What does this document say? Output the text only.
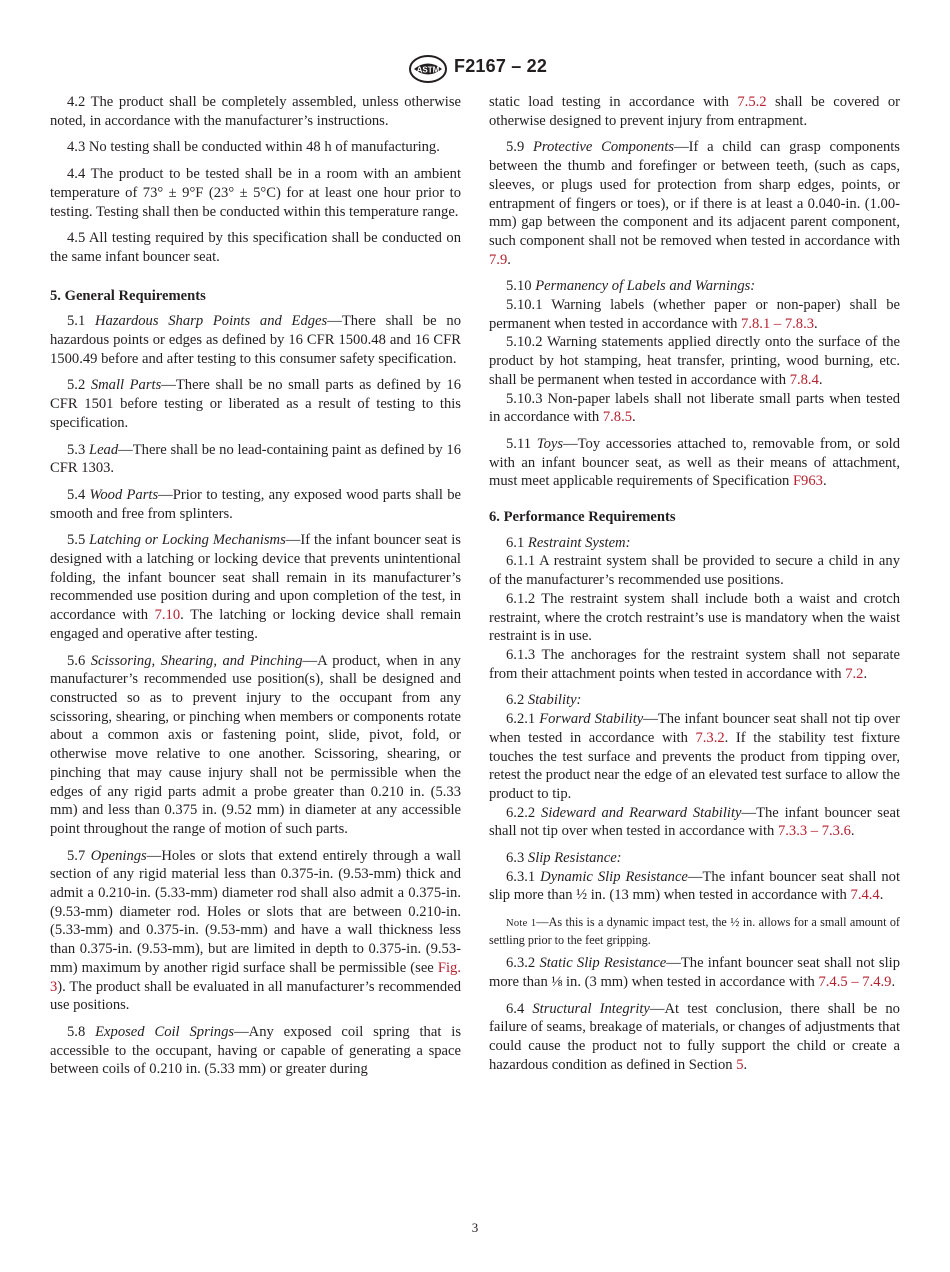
ASTM F2167 – 22

4.2 The product shall be completely assembled, unless otherwise noted, in accordance with the manufacturer’s instructions.

4.3 No testing shall be conducted within 48 h of manufacturing.

4.4 The product to be tested shall be in a room with an ambient temperature of 73° ± 9°F (23° ± 5°C) for at least one hour prior to testing. Testing shall then be conducted within this temperature range.

4.5 All testing required by this specification shall be conducted on the same infant bouncer seat.

5. General Requirements

5.1 Hazardous Sharp Points and Edges—There shall be no hazardous points or edges as defined by 16 CFR 1500.48 and 16 CFR 1500.49 before and after testing to this consumer safety specification.

5.2 Small Parts—There shall be no small parts as defined by 16 CFR 1501 before testing or liberated as a result of testing to this specification.

5.3 Lead—There shall be no lead-containing paint as defined by 16 CFR 1303.

5.4 Wood Parts—Prior to testing, any exposed wood parts shall be smooth and free from splinters.

5.5 Latching or Locking Mechanisms—If the infant bouncer seat is designed with a latching or locking device that prevents unintentional folding, the infant bouncer seat shall remain in its manufacturer’s recommended use position during and upon completion of the test, in accordance with 7.10. The latching or locking device shall remain engaged and operative after testing.

5.6 Scissoring, Shearing, and Pinching—A product, when in any manufacturer’s recommended use position(s), shall be designed and constructed so as to prevent injury to the occupant from any scissoring, shearing, or pinching when members or components rotate about a common axis or fastening point, slide, pivot, fold, or otherwise move relative to one another. Scissoring, shearing, or pinching that may cause injury shall not be permissible when the edges of any rigid parts admit a probe greater than 0.210 in. (5.33 mm) and less than 0.375 in. (9.52 mm) in diameter at any accessible point throughout the range of motion of such parts.

5.7 Openings—Holes or slots that extend entirely through a wall section of any rigid material less than 0.375-in. (9.53-mm) thick and admit a 0.210-in. (5.33-mm) diameter rod shall also admit a 0.375-in. (9.53-mm) diameter rod. Holes or slots that are between 0.210-in. (5.33-mm) and 0.375-in. (9.53-mm) and have a wall thickness less than 0.375-in. (9.53-mm), but are limited in depth to 0.375-in. (9.53-mm) maximum by another rigid surface shall be permissible (see Fig. 3). The product shall be evaluated in all manufacturer’s recommended use positions.

5.8 Exposed Coil Springs—Any exposed coil spring that is accessible to the occupant, having or capable of generating a space between coils of 0.210 in. (5.33 mm) or greater during

static load testing in accordance with 7.5.2 shall be covered or otherwise designed to prevent injury from entrapment.

5.9 Protective Components—If a child can grasp components between the thumb and forefinger or between teeth, (such as caps, sleeves, or plugs used for protection from sharp edges, points, or entrapment of fingers or toes), or if there is at least a 0.040-in. (1.00-mm) gap between the component and its adjacent parent component, such component shall not be removed when tested in accordance with 7.9.

5.10 Permanency of Labels and Warnings:

5.10.1 Warning labels (whether paper or non-paper) shall be permanent when tested in accordance with 7.8.1 – 7.8.3.

5.10.2 Warning statements applied directly onto the surface of the product by hot stamping, heat transfer, printing, wood burning, etc. shall be permanent when tested in accordance with 7.8.4.

5.10.3 Non-paper labels shall not liberate small parts when tested in accordance with 7.8.5.

5.11 Toys—Toy accessories attached to, removable from, or sold with an infant bouncer seat, as well as their means of attachment, must meet applicable requirements of Specification F963.

6. Performance Requirements

6.1 Restraint System:

6.1.1 A restraint system shall be provided to secure a child in any of the manufacturer’s recommended use positions.

6.1.2 The restraint system shall include both a waist and crotch restraint, where the crotch restraint’s use is mandatory when the waist restraint is in use.

6.1.3 The anchorages for the restraint system shall not separate from their attachment points when tested in accordance with 7.2.

6.2 Stability:

6.2.1 Forward Stability—The infant bouncer seat shall not tip over when tested in accordance with 7.3.2. If the stability test fixture touches the test surface and prevents the product from tipping over, retest the product near the edge of an elevated test surface to allow the product to tip.

6.2.2 Sideward and Rearward Stability—The infant bouncer seat shall not tip over when tested in accordance with 7.3.3 – 7.3.6.

6.3 Slip Resistance:

6.3.1 Dynamic Slip Resistance—The infant bouncer seat shall not slip more than ½ in. (13 mm) when tested in accordance with 7.4.4.

Note 1—As this is a dynamic impact test, the ½ in. allows for a small amount of settling prior to the feet gripping.

6.3.2 Static Slip Resistance—The infant bouncer seat shall not slip more than ⅛ in. (3 mm) when tested in accordance with 7.4.5 – 7.4.9.

6.4 Structural Integrity—At test conclusion, there shall be no failure of seams, breakage of materials, or changes of adjustments that could cause the product not to fully support the child or create a hazardous condition as defined in Section 5.

3
